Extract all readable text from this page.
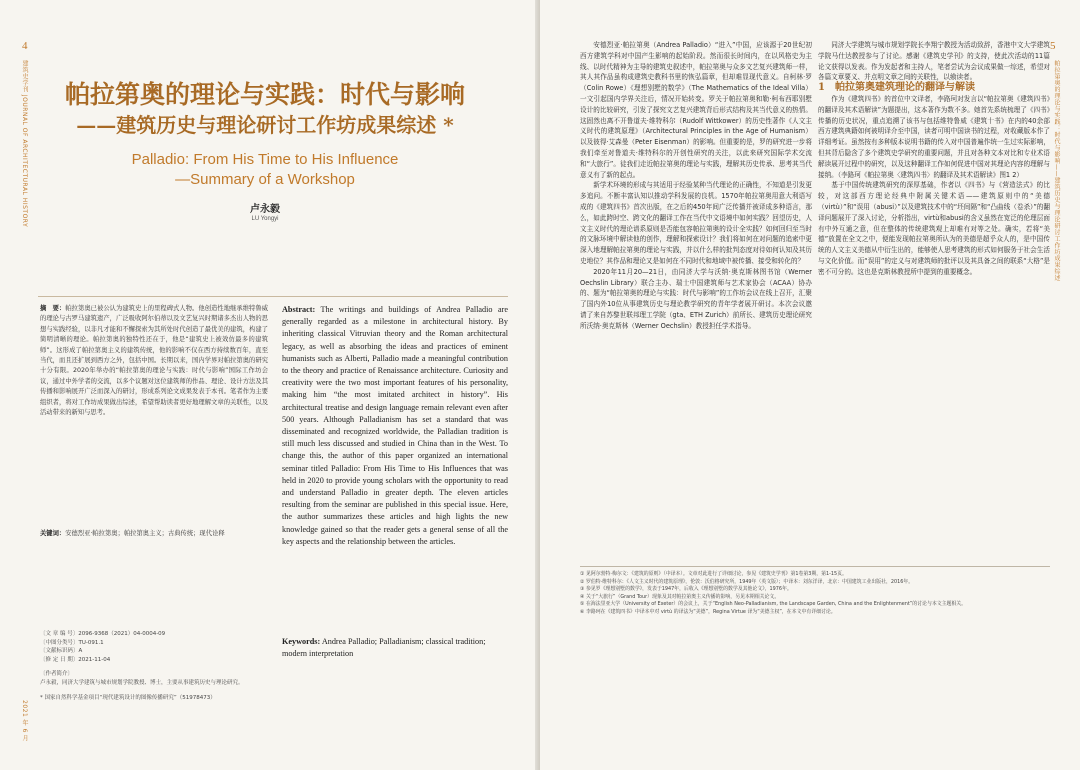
4
建筑史学刊 JOURNAL OF ARCHITECTURAL HISTORY
2021 年 6 月
帕拉第奥的理论与实践：时代与影响
——建筑历史与理论研讨工作坊成果综述 *
Palladio: From His Time to His Influence
—Summary of a Workshop
卢永毅
LU Yongyi
摘　要：帕拉第奥已被公认为建筑史上的里程碑式人物。他创造性地继承维特鲁威的理论与古罗马建筑遗产，广泛吸收阿尔伯蒂以及文艺复兴时期诸多杰出人物的思想与实践经验，以非凡才能和不懈探索为其所处时代创造了最优美的建筑，构建了简明清晰的理论。帕拉第奥的独特性还在于，他是“建筑史上被效仿最多的建筑师”。这形成了帕拉第奥主义的建筑传统，他的影响不仅在西方持续数百年，直至当代，而且还扩展到西方之外，包括中国。长期以来，国内学界对帕拉第奥的研究十分有限。2020年举办的“帕拉第奥的理论与实践：时代与影响”国际工作坊会议，通过中外学者的交流，以多个议题对这位建筑师的作品、理论、设计方法及其传播和影响展开广泛而深入的研讨，形成系列论文成果发表于本刊。笔者作为主要组织者，将对工作坊成果做出综述，希望帮助读者更好地理解文章的关联性，以及活动带来的新知与思考。
关键词：安德烈亚·帕拉第奥；帕拉第奥主义；古典传统；现代诠释
〔文 章 编 号〕2096-9368（2021）04-0004-09
〔中图分类号〕TU-091.1
〔文献标识码〕A
〔修 定 日 期〕2021-11-04
〔作者简介〕
卢永毅，同济大学建筑与城市规划学院教授、博士，主要从事建筑历史与理论研究。
* 国家自然科学基金项目“现代建筑设计的图像传播研究”（51978473）
Abstract: The writings and buildings of Andrea Palladio are generally regarded as a milestone in architectural history. By inheriting classical Vitruvian theory and the Roman architectural legacy, as well as absorbing the ideas and practices of eminent humanists such as Alberti, Palladio made a meaningful contribution to the theory and practice of Renaissance architecture. Curiosity and creativity were the two most important features of his personality, making him “the most imitated architect in history”. His architectural treatise and design language remain relevant even after 500 years. Although Palladianism has set a standard that was disseminated and recognized worldwide, the Palladian tradition is still much less discussed and studied in China than in the West. To change this, the author of this paper organized an international seminar titled Palladio: From His Time to His Influences that was held in 2020 to provide young scholars with the opportunity to read and understand Palladio in greater depth. The eleven articles resulting from the seminar are published in this special issue. Here, the author summarizes these articles and high lights the new knowledge gained so that the reader gets a general sense of all the key aspects and the relationship between the articles.
Keywords: Andrea Palladio; Palladianism; classical tradition; modern interpretation
5
帕拉第奥的理论与实践：时代与影响——建筑历史与理论研讨工作坊成果综述

安德烈亚·帕拉第奥（Andrea Palladio）“进入”中国，应该源于20世纪初西方建筑学科对中国产生影响的起始阶段。然而很长时间内，在以风格史为主线、以时代精神为主导的建筑史叙述中，帕拉第奥与众多文艺复兴建筑师一样，其人其作品虽构成建筑史教科书里的恢弘篇章，但却难显现代意义。自柯林·罗（Colin Rowe）《理想别墅的数学》（The Mathematics of the Ideal Villa）一文引起国内学界关注后，情况开始转变。罗关于帕拉第奥和勒·柯布西耶别墅设计的比较研究，引发了探究文艺复兴建筑背后形式结构及其当代意义的热情。这固然也离不开鲁道夫·维特科尔（Rudolf Wittkower）的历史性著作《人文主义时代的建筑原理》（Architectural Principles in the Age of Humanism）以及彼得·艾森曼（Peter Eisenman）的影响。但重要的是，罗的研究进一步将我们牵至对鲁道夫·维特科尔的开创性研究的关注，以此来研究国际学术交流和“大旅行”。徒我们走近帕拉第奥的理论与实践，理解其历史传承、思考其当代意义有了新的起点。

新学术环境的形成与其适用于经验某种当代理论的正确性，不知道是引发更多追问。不断丰富认知以推动学科发展的良机。1570年帕拉第奥用意大利语写成的《建筑四书》首次出版，在之后的450年间广泛传播并被译成多种语言，那么，如此跨时空、跨文化的翻译工作在当代中文语境中如何实践？回望历史，人文主义时代的理论谱系原则是否能包容帕拉第奥的设计全实践？如何回归至当时的文脉环境中解读他的创作，理解和探索设计？我们将如何在对问题的追索中更深入地理解帕拉第奥的理论与实践，并以什么样的批判态度对待如何认知及其历史地位？其作品和理论又是如何在不同时代和地域中被传播、接受和转化的？

2020年11月20—21日，由同济大学与沃纳·奥克斯林图书馆（Werner Oechslin Library）联合主办、瑞士中国建筑师与艺术家协会（ACAA）协办的、题为“帕拉第奥的理论与实践：时代与影响”的工作坊会议在线上召开，汇聚了国内外10位从事建筑历史与理论教学研究的青年学者展开研讨。本次会议邀请了来自苏黎世联邦理工学院（gta、ETH Zurich）前所长、建筑历史理论研究所沃纳·奥克斯林（Werner Oechslin）教授担任学术指导。

同济大学建筑与城市规划学院长李翔宁教授为活动致辞，香港中文大学建筑学院马仕达教授参与了讨论。感谢《建筑史学刊》的支持，使此次活动的11篇论文获得以发表。作为发起者和主持人，笔者尝试为会议成果做一综述，希望对各篇文章要义、并点明文章之间的关联性，以飨读者。

1　帕拉第奥建筑理论的翻译与解读

作为《建筑四书》的首位中文译者，李路珂对发言以“帕拉第奥《建筑四书》的翻译及其术语解读”为题提出，这本著作为数不多。她首先系统梳理了《四书》传播的历史状况，重点追溯了该书与包括维特鲁威《建筑十书》在内的40余部西方建筑典籍如何被明译介至中国，读者可明中国读书的过程，对收藏版本作了详细考证。虽然按有多种版本说明书籍的传入对中国普遍作统一生过实际影响，但其背后隐含了多个建筑史学研究的重要问题，并且对各种文本对比和专业术语解读展开过程中的研究，以及这种翻译工作如何促进中国对其理论内容的理解与接纳。（李路珂《帕拉第奥〈建筑四书〉的翻译及其术语解读》图1 2）

基于中国传统建筑研究的深厚基础，作者以《四书》与《营造法式》的比较，对这部西方理论经典中附属关键术语——建筑原则中的“美德（virtù）”和“误用（abusi）”以及建筑技术中的“坯间隔”和“凸曲线（卷杀）”的翻译问题展开了深入讨论，分析指出，virtù和abusi的含义虽然在宽泛的伦理层面有中外互通之意，但在整体的传统建筑观上却难有对等之处。确实，若将“美德”放置在全文之中，便能发现帕拉第奥所认为的美德是超乎众人的，是中国传统的人文主义美德从中衍生出的，能够使人思考建筑的形式如何服务于社会生活与文化价值。而“误用”的定义与对建筑师的批评以及其具备之间的联系“大格”是密不可分的。这也是克斯林教授所中提到的重要概念。

① 见阿尔勃特·梅尔文：《建筑的原则》（中译本）。文章对此进行了详细讨论，参见《建筑史学刊》第1卷第3期，第1-15页。
② 罗伯特·维特科尔：《人文主义时代的建筑原理》，伦敦：沃伯格研究所，1949年（英文版）；中译本：刘东洋译，北京：中国建筑工业出版社，2016年。
③ 参见罗《理想别墅的数学》，发表于1947年，后收入《理想别墅的数学及其他论文》，1976年。
④ 关于“大旅行”（Grand Tour）现象及其对帕拉第奥主义传播的影响，另见本期相关论文。
⑤ 在海法里亚大学（University of Exeter）的会议上，关于“English Neo-Palladianism, the Landscape Garden, China and the Enlightenment”的讨论与本文主题相关。
⑥ 李路珂在《建筑四书》中译本中对 virtù 的译法为“美德”，Regina Virtue 译为“美德主权”，在本文中有详细讨论。
